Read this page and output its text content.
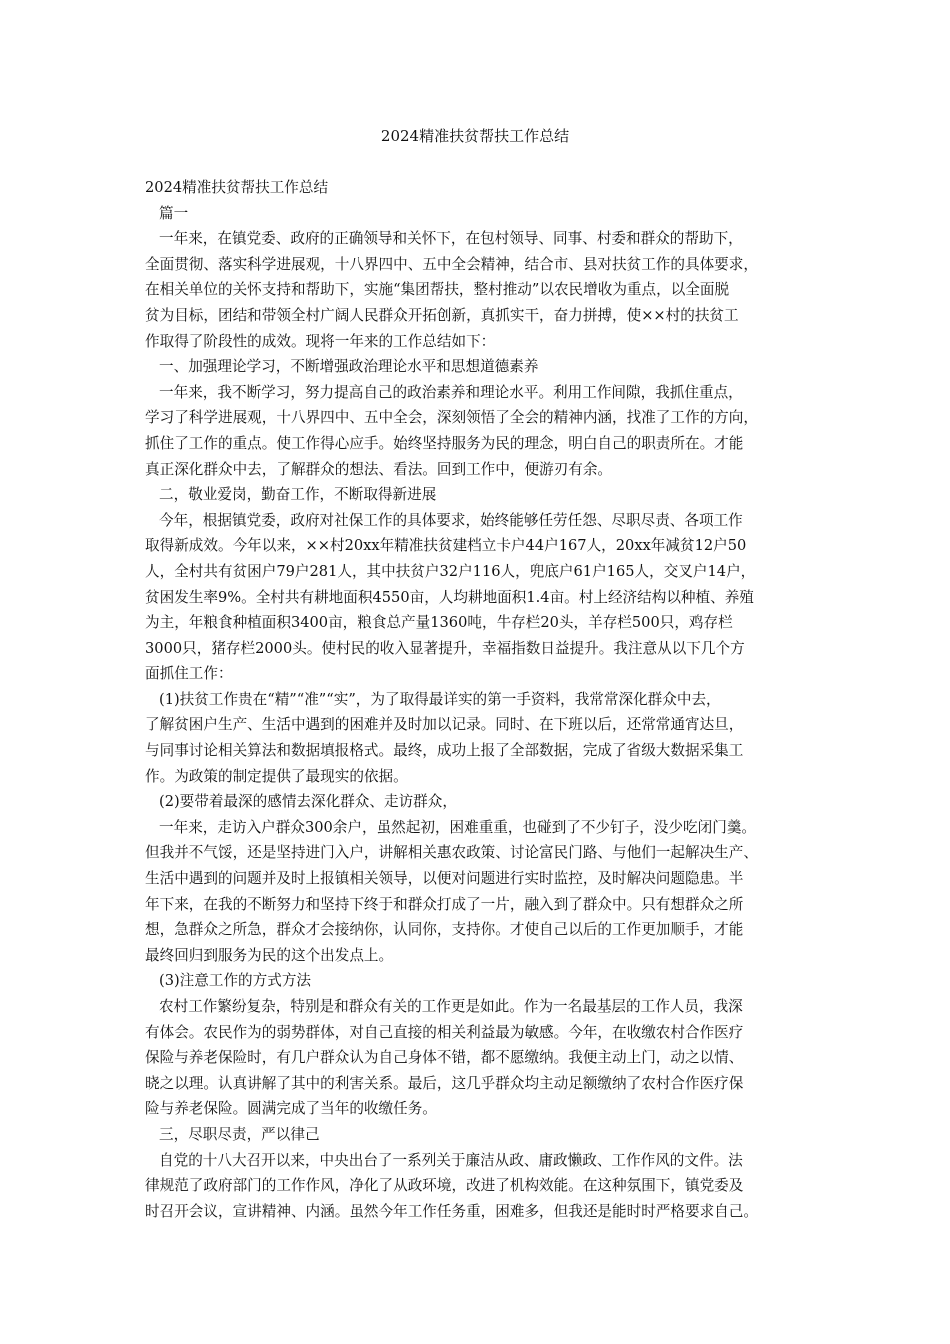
2024精准扶贫帮扶工作总结

2024精准扶贫帮扶工作总结

篇一

一年来，在镇党委、政府的正确领导和关怀下，在包村领导、同事、村委和群众的帮助下，

全面贯彻、落实科学进展观，十八界四中、五中全会精神，结合市、县对扶贫工作的具体要求，

在相关单位的关怀支持和帮助下，实施“集团帮扶，整村推动”以农民增收为重点，以全面脱

贫为目标，团结和带领全村广阔人民群众开拓创新，真抓实干，奋力拼搏，使××村的扶贫工

作取得了阶段性的成效。现将一年来的工作总结如下：

一、加强理论学习，不断增强政治理论水平和思想道德素养

一年来，我不断学习，努力提高自己的政治素养和理论水平。利用工作间隙，我抓住重点，

学习了科学进展观，十八界四中、五中全会，深刻领悟了全会的精神内涵，找准了工作的方向，

抓住了工作的重点。使工作得心应手。始终坚持服务为民的理念，明白自己的职责所在。才能

真正深化群众中去，了解群众的想法、看法。回到工作中，便游刃有余。

二，敬业爱岗，勤奋工作，不断取得新进展

今年，根据镇党委，政府对社保工作的具体要求，始终能够任劳任怨、尽职尽责、各项工作

取得新成效。今年以来，××村20xx年精准扶贫建档立卡户44户167人，20xx年减贫12户50

人，全村共有贫困户79户281人，其中扶贫户32户116人，兜底户61户165人，交叉户14户，

贫困发生率9%。全村共有耕地面积4550亩，人均耕地面积1.4亩。村上经济结构以种植、养殖

为主，年粮食种植面积3400亩，粮食总产量1360吨，牛存栏20头，羊存栏500只，鸡存栏

3000只，猪存栏2000头。使村民的收入显著提升，幸福指数日益提升。我注意从以下几个方

面抓住工作：

(1)扶贫工作贵在“精”“准”“实”，为了取得最详实的第一手资料，我常常深化群众中去，

了解贫困户生产、生活中遇到的困难并及时加以记录。同时、在下班以后，还常常通宵达旦，

与同事讨论相关算法和数据填报格式。最终，成功上报了全部数据，完成了省级大数据采集工

作。为政策的制定提供了最现实的依据。

(2)要带着最深的感情去深化群众、走访群众，

一年来，走访入户群众300余户，虽然起初，困难重重，也碰到了不少钉子，没少吃闭门羹。

但我并不气馁，还是坚持进门入户，讲解相关惠农政策、讨论富民门路、与他们一起解决生产、

生活中遇到的问题并及时上报镇相关领导，以便对问题进行实时监控，及时解决问题隐患。半

年下来，在我的不断努力和坚持下终于和群众打成了一片，融入到了群众中。只有想群众之所

想，急群众之所急，群众才会接纳你，认同你，支持你。才使自己以后的工作更加顺手，才能

最终回归到服务为民的这个出发点上。

(3)注意工作的方式方法

农村工作繁纷复杂，特别是和群众有关的工作更是如此。作为一名最基层的工作人员，我深

有体会。农民作为的弱势群体，对自己直接的相关利益最为敏感。今年，在收缴农村合作医疗

保险与养老保险时，有几户群众认为自己身体不错，都不愿缴纳。我便主动上门，动之以情、

晓之以理。认真讲解了其中的利害关系。最后，这几乎群众均主动足额缴纳了农村合作医疗保

险与养老保险。圆满完成了当年的收缴任务。

三，尽职尽责，严以律己

自党的十八大召开以来，中央出台了一系列关于廉洁从政、庸政懒政、工作作风的文件。法

律规范了政府部门的工作作风，净化了从政环境，改进了机构效能。在这种氛围下，镇党委及

时召开会议，宣讲精神、内涵。虽然今年工作任务重，困难多，但我还是能时时严格要求自己。
